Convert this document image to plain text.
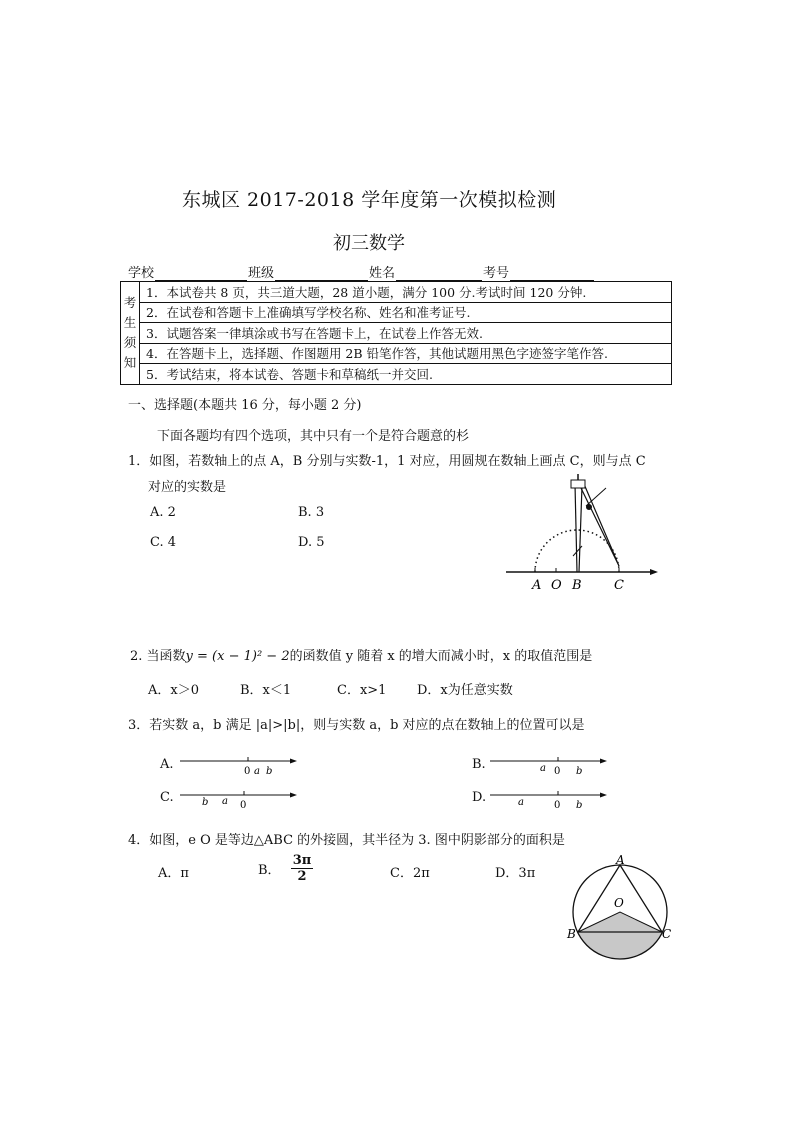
东城区 2017-2018 学年度第一次模拟检测
初三数学
学校	班级	姓名	考号
考
生
须
知
	1．本试卷共 8 页，共三道大题，28 道小题，满分 100 分.考试时间 120 分钟.
2．在试卷和答题卡上准确填写学校名称、姓名和准考证号.
3．试题答案一律填涂或书写在答题卡上，在试卷上作答无效.
4．在答题卡上，选择题、作图题用 2B 铅笔作答，其他试题用黑色字迹签字笔作答.
5．考试结束，将本试卷、答题卡和草稿纸一并交回.
一、选择题(本题共 16 分，每小题 2 分)
下面各题均有四个选项，其中只有一个是符合题意的杉
1．如图，若数轴上的点 A，B 分别与实数-1，1 对应，用圆规在数轴上画点 C，则与点 C
对应的实数是
A. 2	B. 3
C. 4	D. 5
A O B C
2. 当函数y = (x − 1)² − 2的函数值 y 随着 x 的增大而减小时，x 的取值范围是
A．x＞0	B．x＜1	C．x>1 D．x为任意实数
3．若实数 a，b 满足 |a|>|b|，则与实数 a，b 对应的点在数轴上的位置可以是
A.	0 a b	B.	a 0 b
C.	b a 0
D.	a	0 b
4．如图，e O 是等边△ABC 的外接圆，其半径为 3. 图中阴影部分的面积是
A．π	B． $\frac{3\pi}{2}$	C．2π	D．3π
A
O
B	C
